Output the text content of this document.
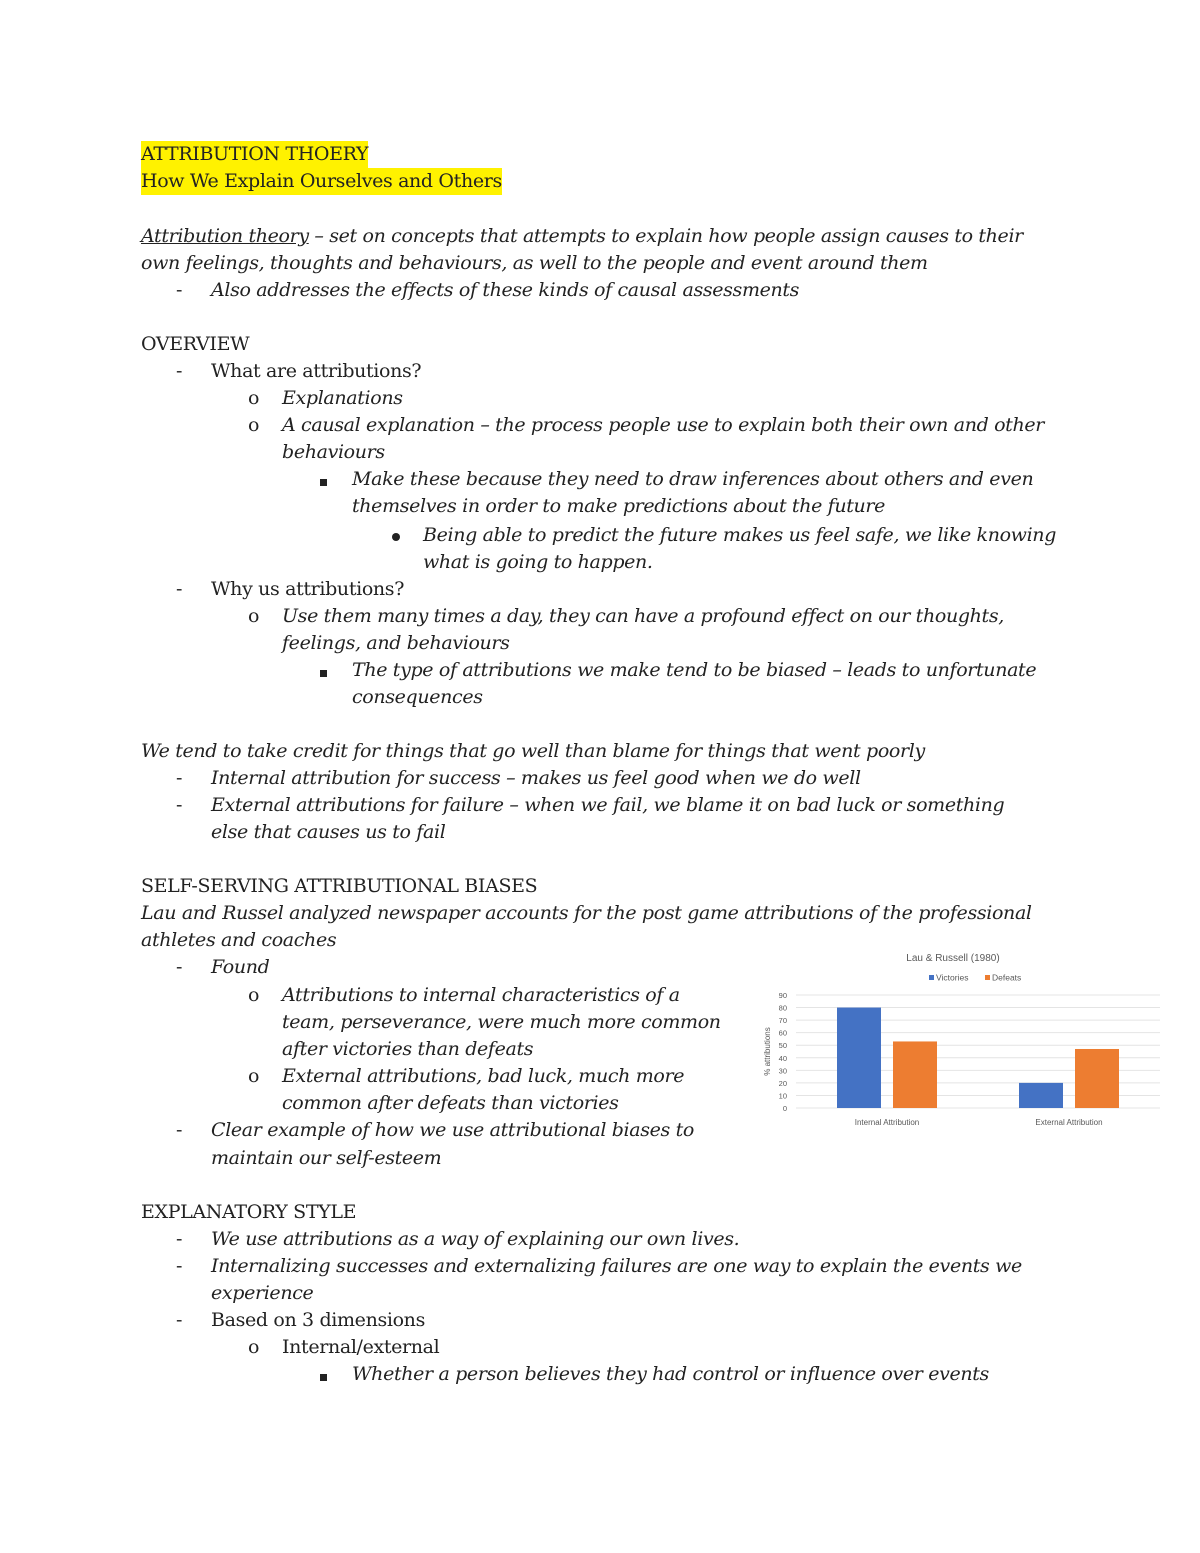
ATTRIBUTION THOERY
How We Explain Ourselves and Others
Attribution theory – set on concepts that attempts to explain how people assign causes to their
own feelings, thoughts and behaviours, as well to the people and event around them
- Also addresses the effects of these kinds of causal assessments
OVERVIEW
- What are attributions?
o Explanations
o A causal explanation – the process people use to explain both their own and other
behaviours
Make these because they need to draw inferences about others and even
themselves in order to make predictions about the future
Being able to predict the future makes us feel safe, we like knowing
what is going to happen.
- Why us attributions?
o Use them many times a day, they can have a profound effect on our thoughts,
feelings, and behaviours
The type of attributions we make tend to be biased – leads to unfortunate
consequences
We tend to take credit for things that go well than blame for things that went poorly
- Internal attribution for success – makes us feel good when we do well
- External attributions for failure – when we fail, we blame it on bad luck or something
else that causes us to fail
SELF-SERVING ATTRIBUTIONAL BIASES
Lau and Russel analyzed newspaper accounts for the post game attributions of the professional
athletes and coaches
- Found
o Attributions to internal characteristics of a
team, perseverance, were much more common
after victories than defeats
o External attributions, bad luck, much more
common after defeats than victories
- Clear example of how we use attributional biases to
maintain our self-esteem
EXPLANATORY STYLE
- We use attributions as a way of explaining our own lives.
- Internalizing successes and externalizing failures are one way to explain the events we
experience
- Based on 3 dimensions
o Internal/external
Whether a person believes they had control or influence over events
Lau & Russell (1980)
Victories	Defeats
0
10
20
30
40
50
60
70
80
90
% attributions
Internal Attribution	External Attribution
